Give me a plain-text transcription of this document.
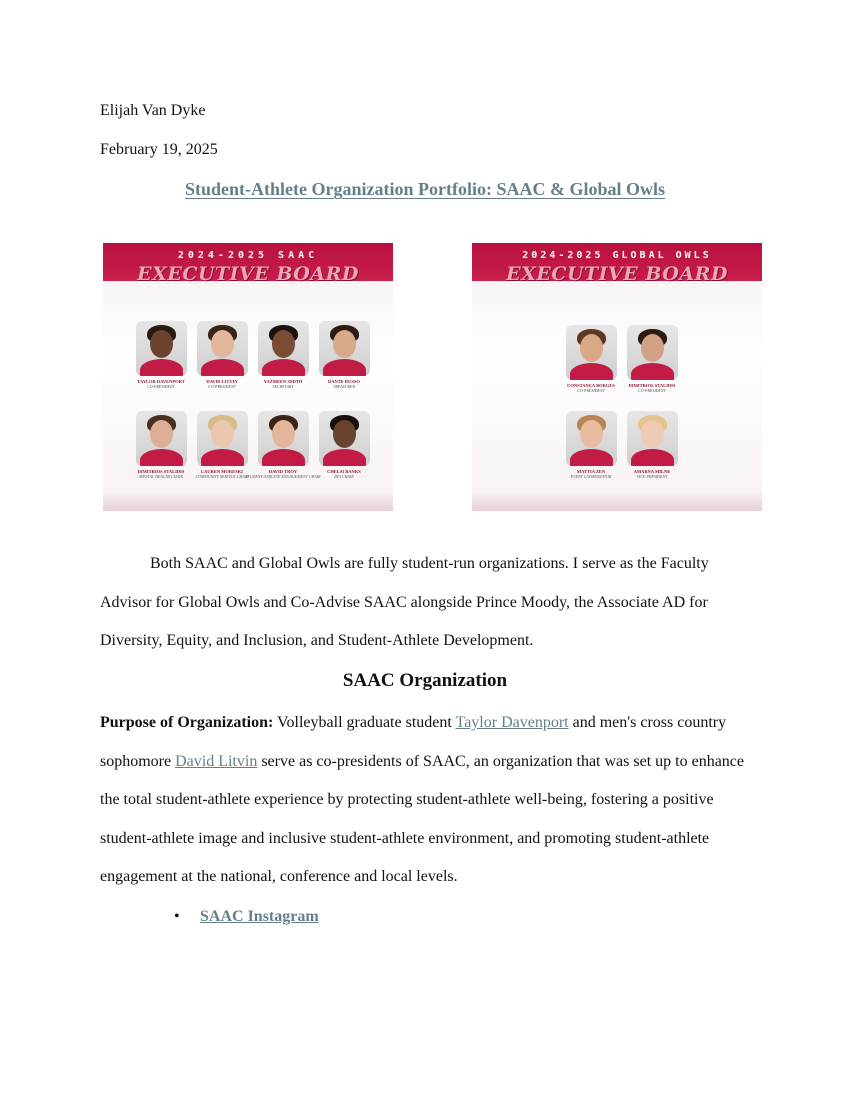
Elijah Van Dyke

February 19, 2025

Student-Athlete Organization Portfolio: SAAC & Global Owls
2024-2025 SAAC
EXECUTIVE BOARD
TAYLOR DAVENPORT
CO-PRESIDENT
DAVID LITVIN
CO-PRESIDENT
YAZMEEN SMITH
SECRETARY
DANTE RUSSO
TREASURER
DIMITRIOS STALIDIS
MENTAL HEALTH CHAIR
LAUREN MORESKI
COMMUNITY SERVICE CHAIR
DAVID TROY
STUDENT-ATHLETE ENGAGEMENT CHAIR
CHELSI BANKS
DEI CHAIR
2024-2025 GLOBAL OWLS
EXECUTIVE BOARD
CONSTANÇA BORGES
CO-PRESIDENT
DIMITRIOS STALIDIS
CO-PRESIDENT
MATTIA ZEN
EVENT COORDINATOR
AMARNA MILNE
VICE PRESIDENT

Both SAAC and Global Owls are fully student-run organizations. I serve as the Faculty Advisor for Global Owls and Co-Advise SAAC alongside Prince Moody, the Associate AD for Diversity, Equity, and Inclusion, and Student-Athlete Development.

SAAC Organization

Purpose of Organization: Volleyball graduate student Taylor Davenport and men's cross country sophomore David Litvin serve as co-presidents of SAAC, an organization that was set up to enhance the total student-athlete experience by protecting student-athlete well-being, fostering a positive student-athlete image and inclusive student-athlete environment, and promoting student-athlete engagement at the national, conference and local levels.

• SAAC Instagram
